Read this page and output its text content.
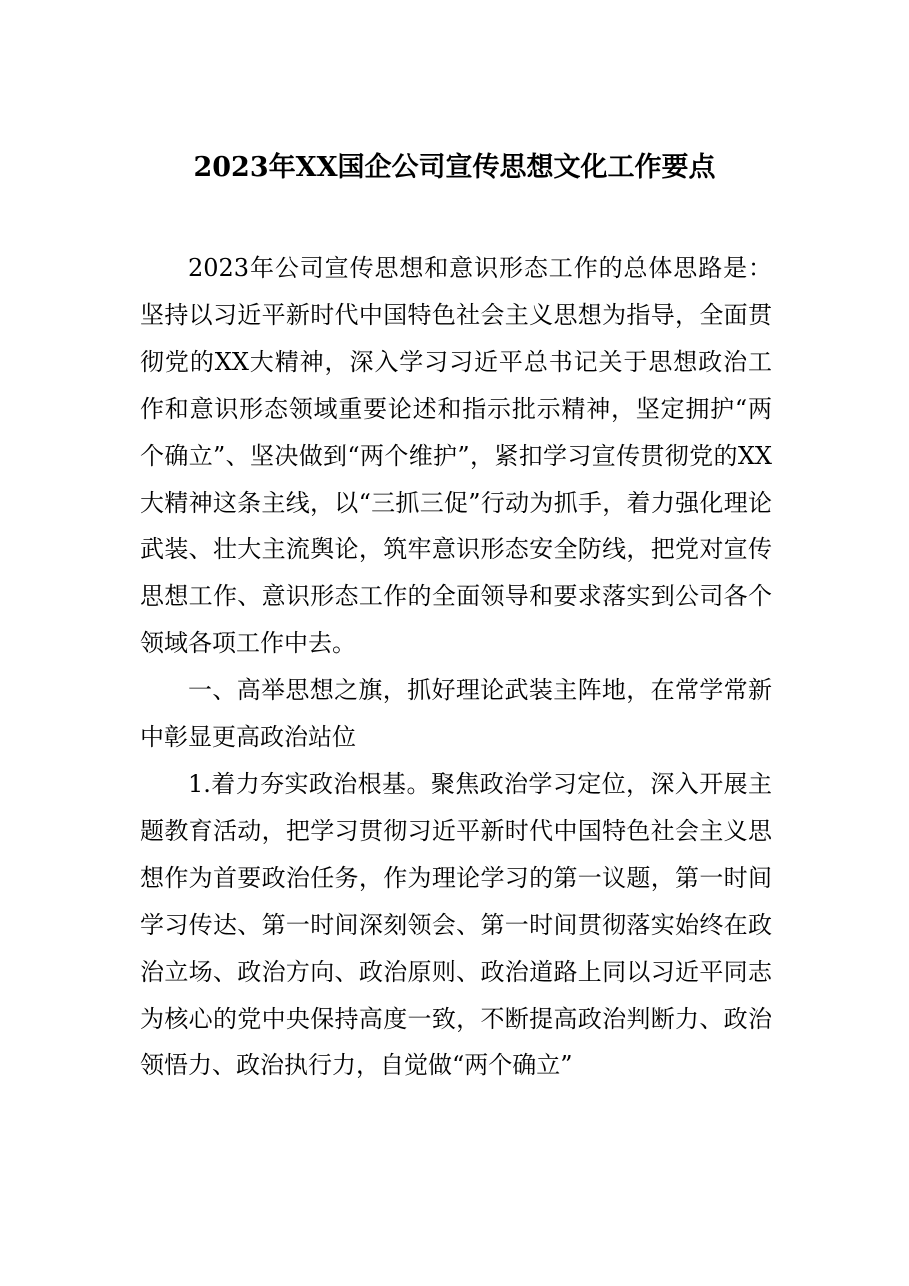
2023年XX国企公司宣传思想文化工作要点

2023年公司宣传思想和意识形态工作的总体思路是：坚持以习近平新时代中国特色社会主义思想为指导，全面贯彻党的XX大精神，深入学习习近平总书记关于思想政治工作和意识形态领域重要论述和指示批示精神，坚定拥护“两个确立”、坚决做到“两个维护”，紧扣学习宣传贯彻党的XX大精神这条主线，以“三抓三促”行动为抓手，着力强化理论武装、壮大主流舆论，筑牢意识形态安全防线，把党对宣传思想工作、意识形态工作的全面领导和要求落实到公司各个领域各项工作中去。

一、高举思想之旗，抓好理论武装主阵地，在常学常新中彰显更高政治站位

1.着力夯实政治根基。聚焦政治学习定位，深入开展主题教育活动，把学习贯彻习近平新时代中国特色社会主义思想作为首要政治任务，作为理论学习的第一议题，第一时间学习传达、第一时间深刻领会、第一时间贯彻落实始终在政治立场、政治方向、政治原则、政治道路上同以习近平同志为核心的党中央保持高度一致，不断提高政治判断力、政治领悟力、政治执行力，自觉做“两个确立”
